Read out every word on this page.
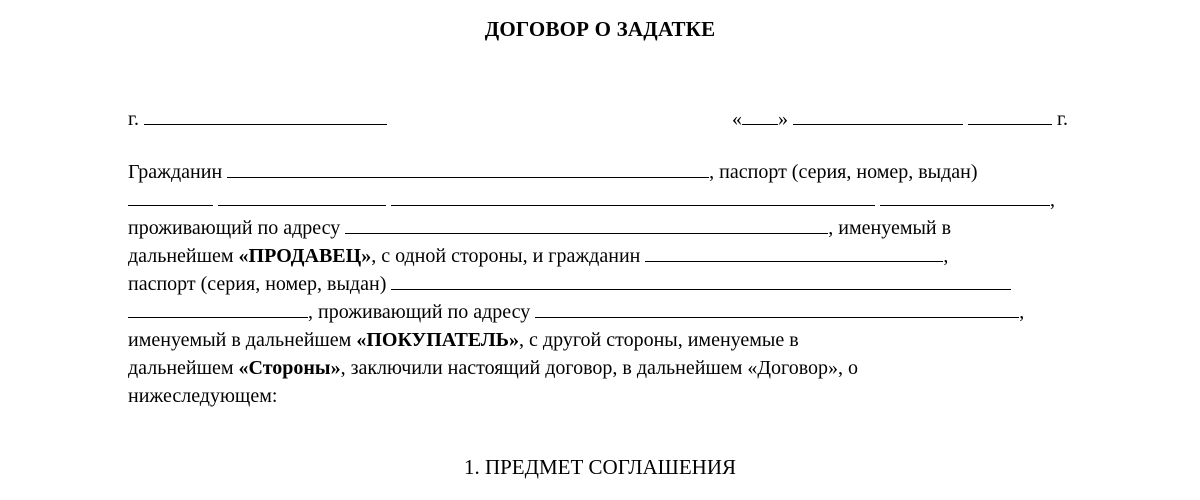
ДОГОВОР О ЗАДАТКЕ
г.	« »	г.
Гражданин	, паспорт (серия, номер, выдан)
,
проживающий по адресу	, именуемый в
дальнейшем «ПРОДАВЕЦ», с одной стороны, и гражданин	,
паспорт (серия, номер, выдан)
, проживающий по адресу	,
именуемый в дальнейшем «ПОКУПАТЕЛЬ», с другой стороны, именуемые в
дальнейшем «Стороны», заключили настоящий договор, в дальнейшем «Договор», о
нижеследующем:
1. ПРЕДМЕТ СОГЛАШЕНИЯ
